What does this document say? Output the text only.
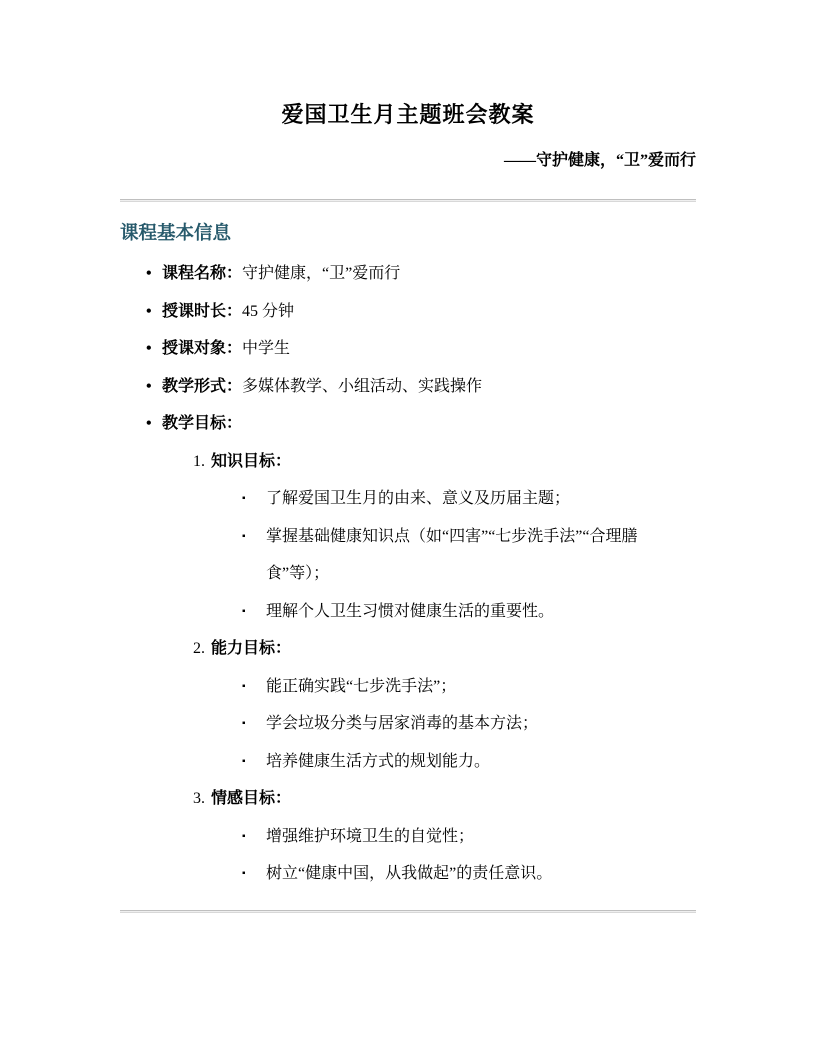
爱国卫生月主题班会教案

——守护健康，“卫”爱而行

课程基本信息
• 课程名称：守护健康，“卫”爱而行
• 授课时长：45 分钟
• 授课对象：中学生
• 教学形式：多媒体教学、小组活动、实践操作
• 教学目标：
1. 知识目标：
▪ 了解爱国卫生月的由来、意义及历届主题；
▪ 掌握基础健康知识点（如“四害”“七步洗手法”“合理膳食”等）；
▪ 理解个人卫生习惯对健康生活的重要性。
2. 能力目标：
▪ 能正确实践“七步洗手法”；
▪ 学会垃圾分类与居家消毒的基本方法；
▪ 培养健康生活方式的规划能力。
3. 情感目标：
▪ 增强维护环境卫生的自觉性；
▪ 树立“健康中国，从我做起”的责任意识。
